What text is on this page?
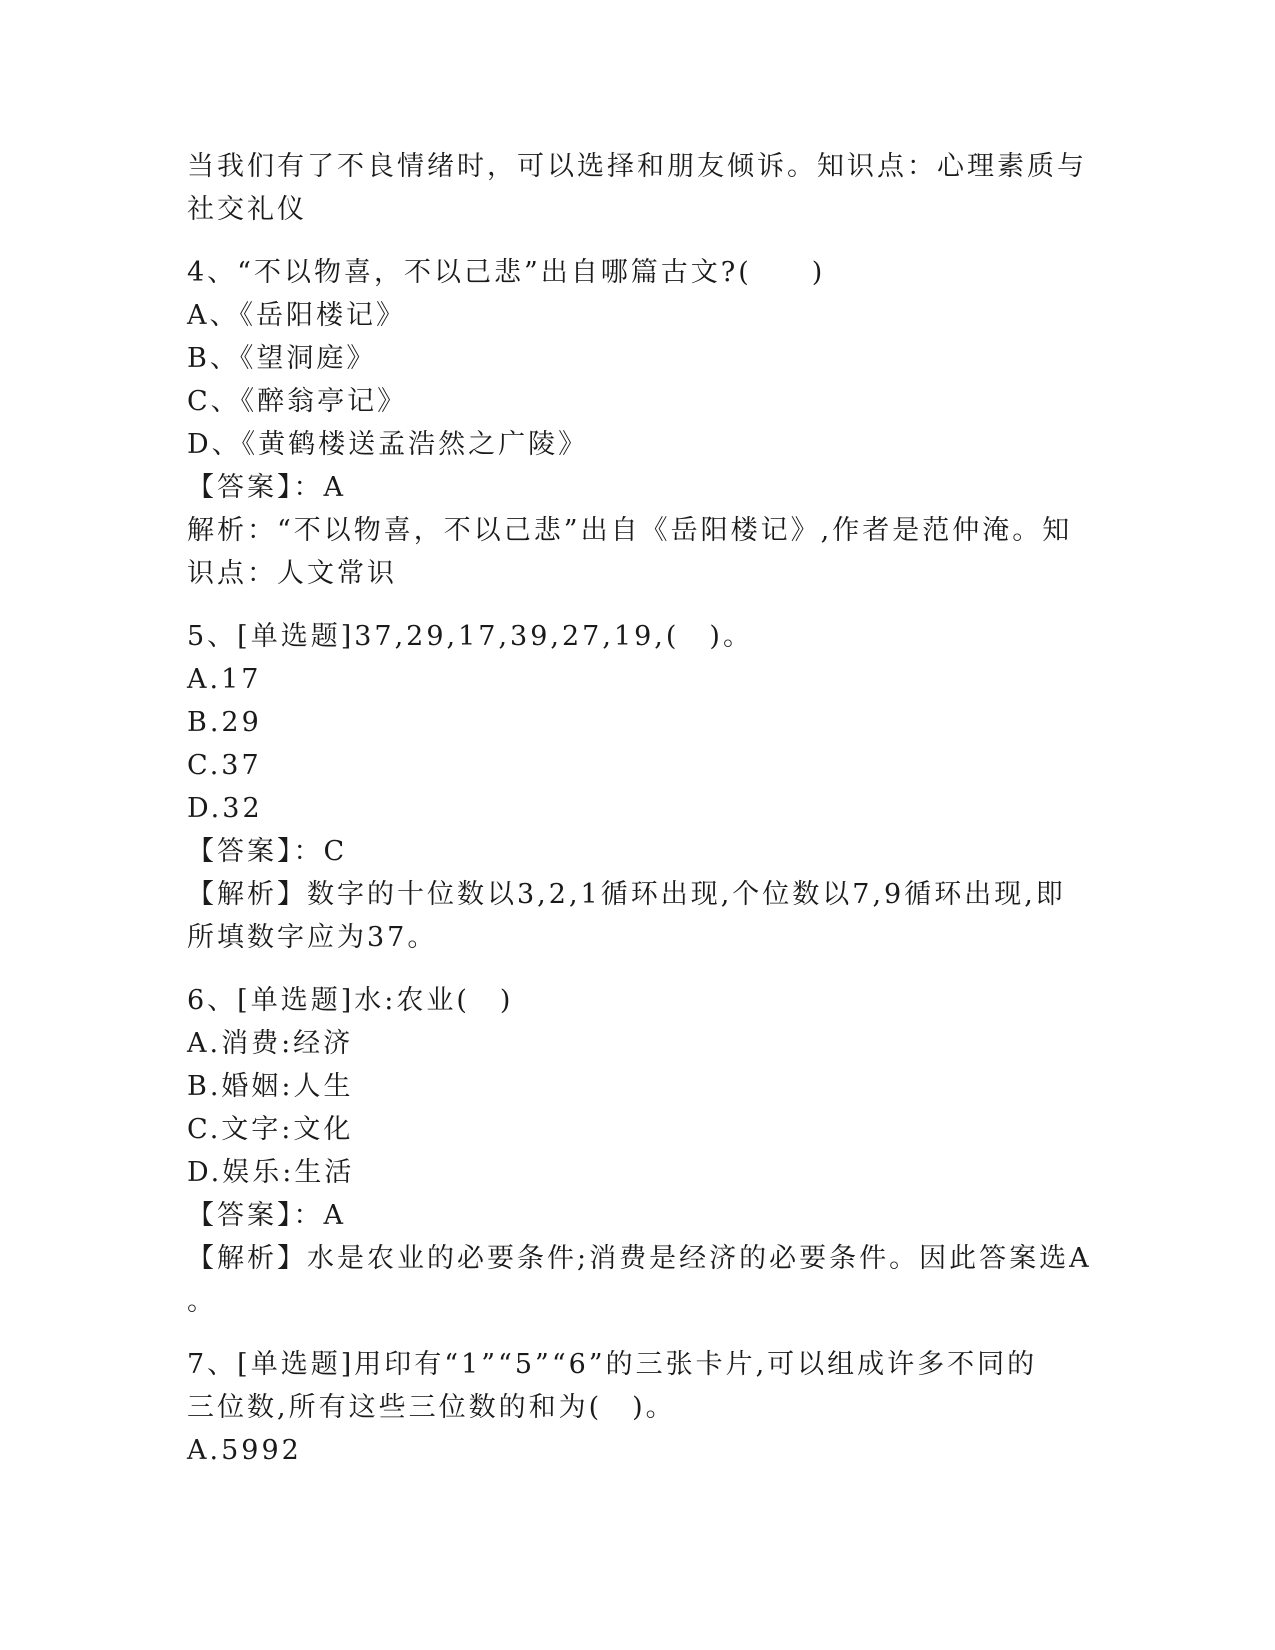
当我们有了不良情绪时，可以选择和朋友倾诉。知识点：心理素质与
社交礼仪
4、“不以物喜，不以己悲”出自哪篇古文?(　　)
A、《岳阳楼记》
B、《望洞庭》
C、《醉翁亭记》
D、《黄鹤楼送孟浩然之广陵》
【答案】：A
解析：“不以物喜，不以己悲”出自《岳阳楼记》,作者是范仲淹。知
识点：人文常识
5、[单选题]37,29,17,39,27,19,(　)。
A.17
B.29
C.37
D.32
【答案】：C
【解析】数字的十位数以3,2,1循环出现,个位数以7,9循环出现,即
所填数字应为37。
6、[单选题]水:农业(　)
A.消费:经济
B.婚姻:人生
C.文字:文化
D.娱乐:生活
【答案】：A
【解析】水是农业的必要条件;消费是经济的必要条件。因此答案选A
。
7、[单选题]用印有“1”“5”“6”的三张卡片,可以组成许多不同的
三位数,所有这些三位数的和为(　)。
A.5992
